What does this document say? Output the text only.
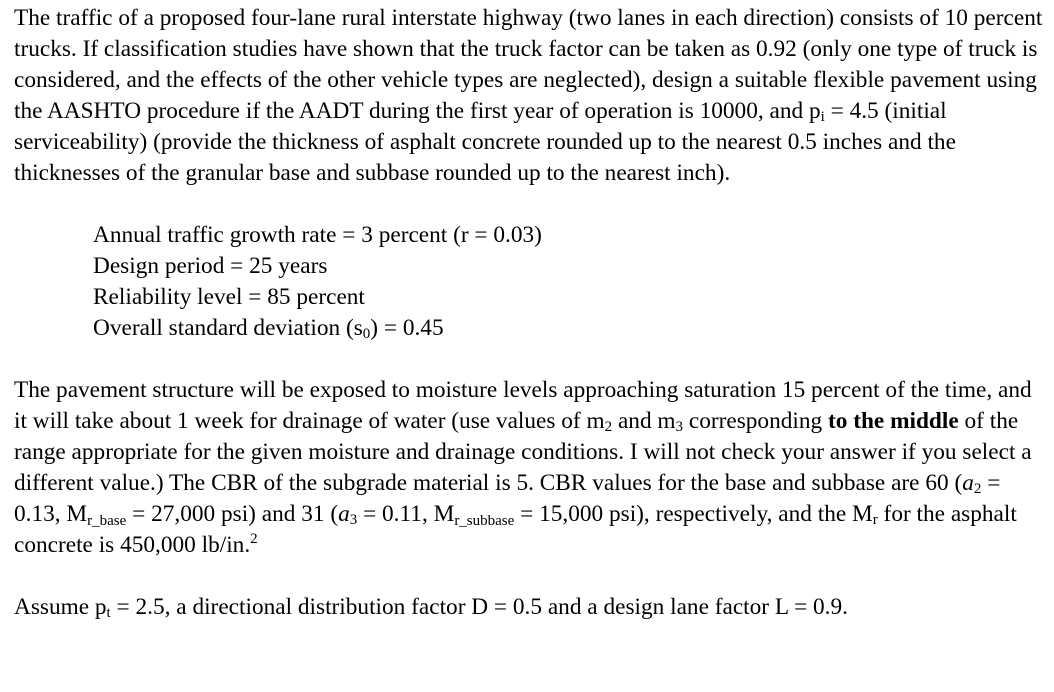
The traffic of a proposed four-lane rural interstate highway (two lanes in each direction) consists of 10 percent trucks. If classification studies have shown that the truck factor can be taken as 0.92 (only one type of truck is considered, and the effects of the other vehicle types are neglected), design a suitable flexible pavement using the AASHTO procedure if the AADT during the first year of operation is 10000, and $p_i = 4.5$ (initial serviceability) (provide the thickness of asphalt concrete rounded up to the nearest 0.5 inches and the thicknesses of the granular base and subbase rounded up to the nearest inch).

Annual traffic growth rate = 3 percent (r = 0.03)
Design period = 25 years
Reliability level = 85 percent
Overall standard deviation $(s_0) = 0.45$

The pavement structure will be exposed to moisture levels approaching saturation 15 percent of the time, and it will take about 1 week for drainage of water (use values of $m_2$ and $m_3$ corresponding to the middle of the range appropriate for the given moisture and drainage conditions. I will not check your answer if you select a different value.) The CBR of the subgrade material is 5. CBR values for the base and subbase are 60 ($a_2 = 0.13$, $M_{r\_base} = 27,000$ psi) and 31 ($a_3 = 0.11$, $M_{r\_subbase} = 15,000$ psi), respectively, and the $M_r$ for the asphalt concrete is 450,000 lb/in.$^2$

Assume $p_t = 2.5$, a directional distribution factor D = 0.5 and a design lane factor L = 0.9.
